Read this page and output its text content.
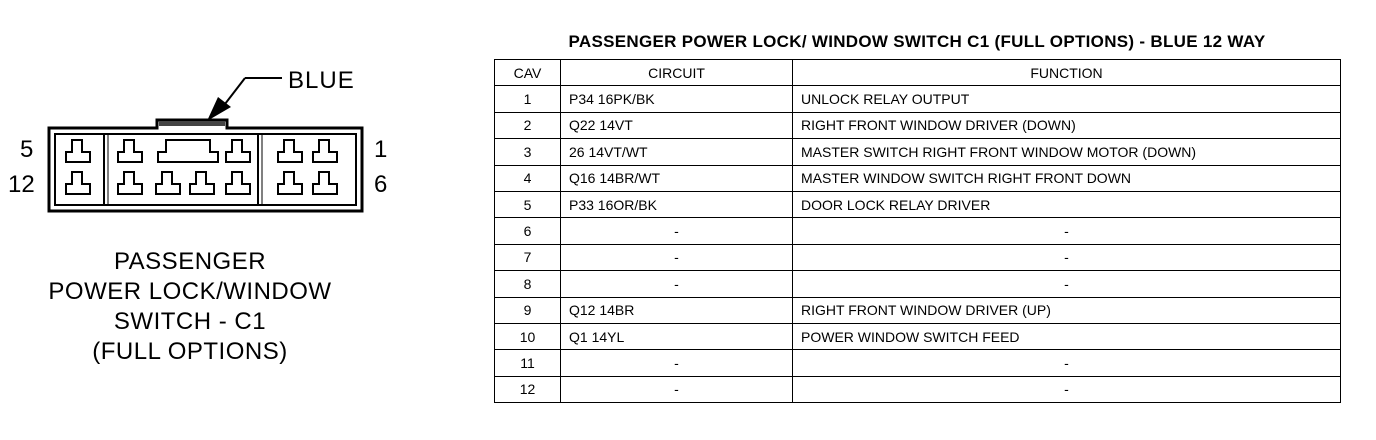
BLUE
5
12
1
6
PASSENGER
POWER LOCK/WINDOW
SWITCH - C1
(FULL OPTIONS)
PASSENGER POWER LOCK/ WINDOW SWITCH C1 (FULL OPTIONS) - BLUE 12 WAY
CAV	CIRCUIT	FUNCTION
1	P34 16PK/BK	UNLOCK RELAY OUTPUT
2	Q22 14VT	RIGHT FRONT WINDOW DRIVER (DOWN)
3	26 14VT/WT	MASTER SWITCH RIGHT FRONT WINDOW MOTOR (DOWN)
4	Q16 14BR/WT	MASTER WINDOW SWITCH RIGHT FRONT DOWN
5	P33 16OR/BK	DOOR LOCK RELAY DRIVER
6	-	-
7	-	-
8	-	-
9	Q12 14BR	RIGHT FRONT WINDOW DRIVER (UP)
10	Q1 14YL	POWER WINDOW SWITCH FEED
11	-	-
12	-	-
